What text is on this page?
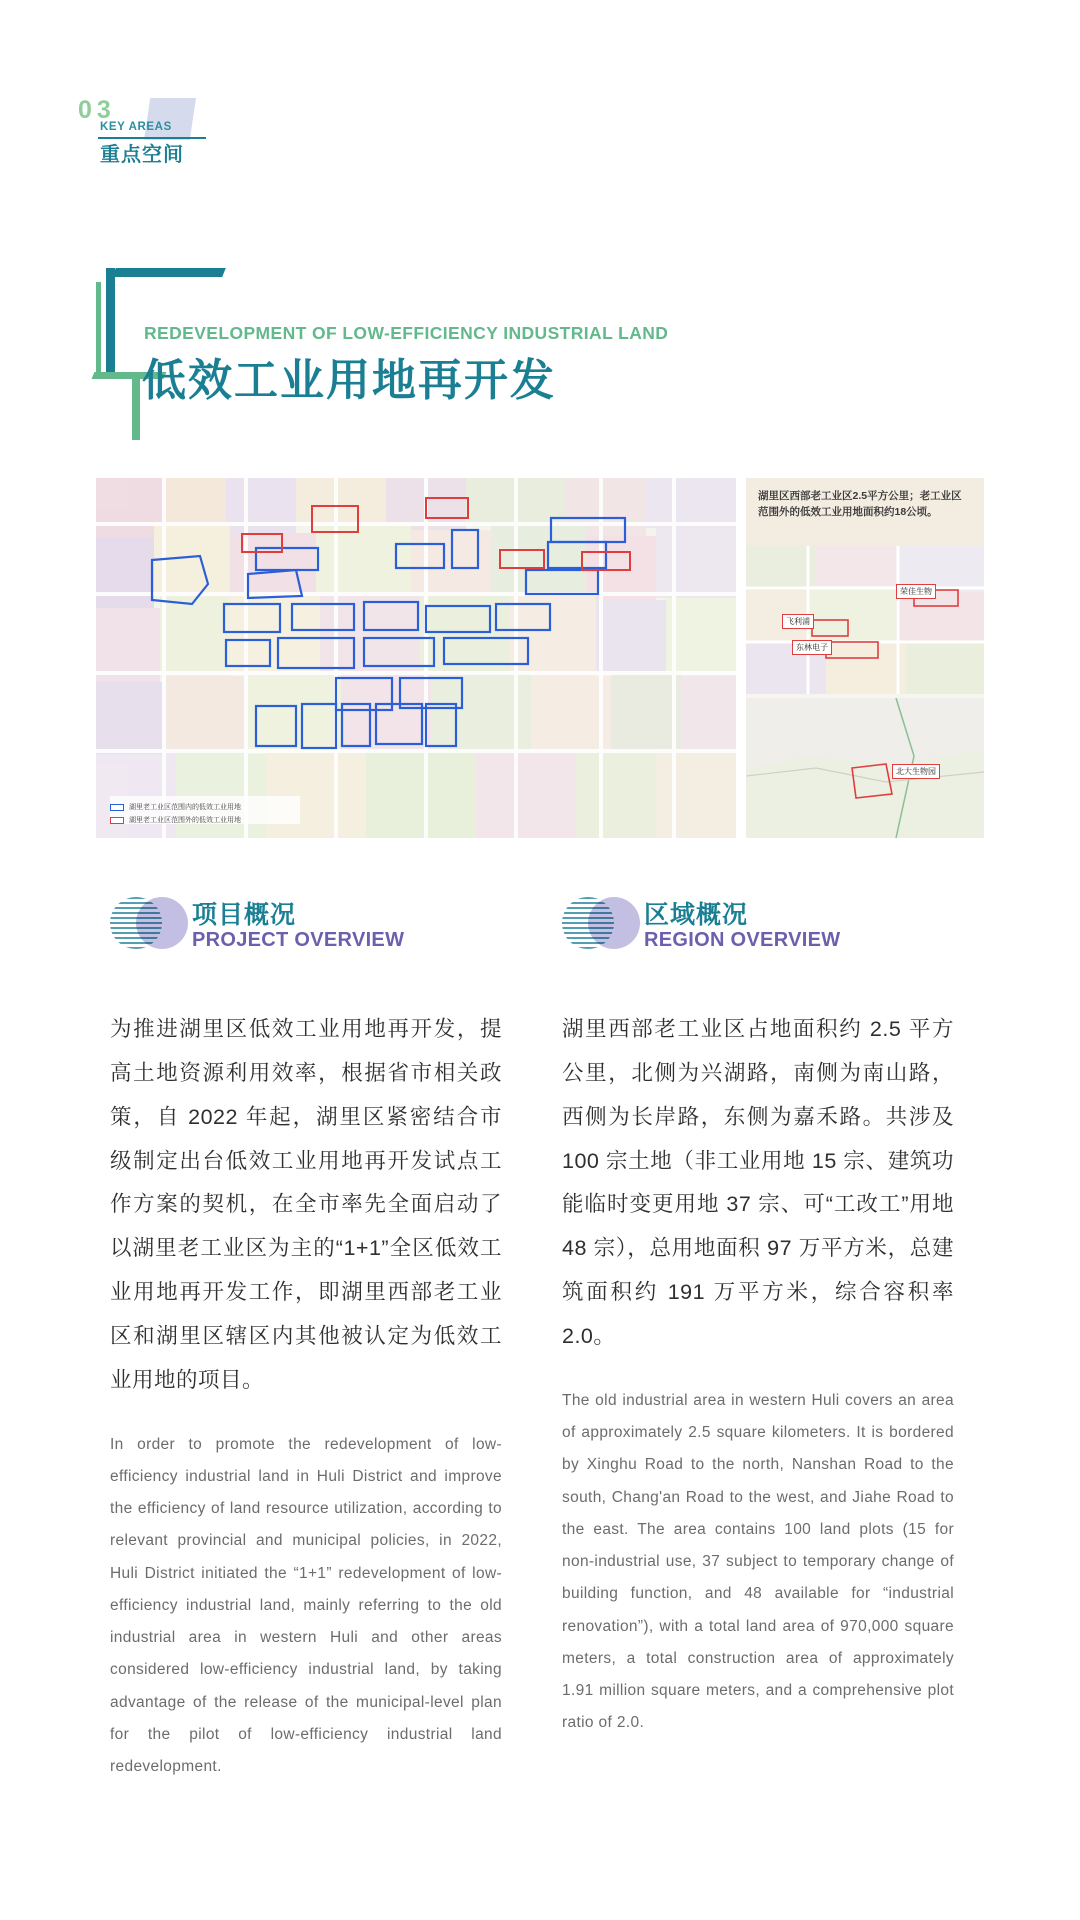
03
KEY AREAS
重点空间
REDEVELOPMENT OF LOW-EFFICIENCY INDUSTRIAL LAND
低效工业用地再开发
湖里老工业区范围内的低效工业用地
湖里老工业区范围外的低效工业用地
湖里区西部老工业区2.5平方公里；老工业区范围外的低效工业用地面积约18公顷。
荣佳生物
飞利浦
东林电子
北大生物园
项目概况
PROJECT OVERVIEW
区域概况
REGION OVERVIEW

为推进湖里区低效工业用地再开发，提高土地资源利用效率，根据省市相关政策，自 2022 年起，湖里区紧密结合市级制定出台低效工业用地再开发试点工作方案的契机，在全市率先全面启动了以湖里老工业区为主的“1+1”全区低效工业用地再开发工作，即湖里西部老工业区和湖里区辖区内其他被认定为低效工业用地的项目。

In order to promote the redevelopment of low-efficiency industrial land in Huli District and improve the efficiency of land resource utilization, according to relevant provincial and municipal policies, in 2022, Huli District initiated the “1+1” redevelopment of low-efficiency industrial land, mainly referring to the old industrial area in western Huli and other areas considered low-efficiency industrial land, by taking advantage of the release of the municipal-level plan for the pilot of low-efficiency industrial land redevelopment.

湖里西部老工业区占地面积约 2.5 平方公里，北侧为兴湖路，南侧为南山路，西侧为长岸路，东侧为嘉禾路。共涉及 100 宗土地（非工业用地 15 宗、建筑功能临时变更用地 37 宗、可“工改工”用地 48 宗），总用地面积 97 万平方米，总建筑面积约 191 万平方米，综合容积率 2.0。

The old industrial area in western Huli covers an area of approximately 2.5 square kilometers. It is bordered by Xinghu Road to the north, Nanshan Road to the south, Chang'an Road to the west, and Jiahe Road to the east. The area contains 100 land plots (15 for non-industrial use, 37 subject to temporary change of building function, and 48 available for “industrial renovation”), with a total land area of 970,000 square meters, a total construction area of approximately 1.91 million square meters, and a comprehensive plot ratio of 2.0.
